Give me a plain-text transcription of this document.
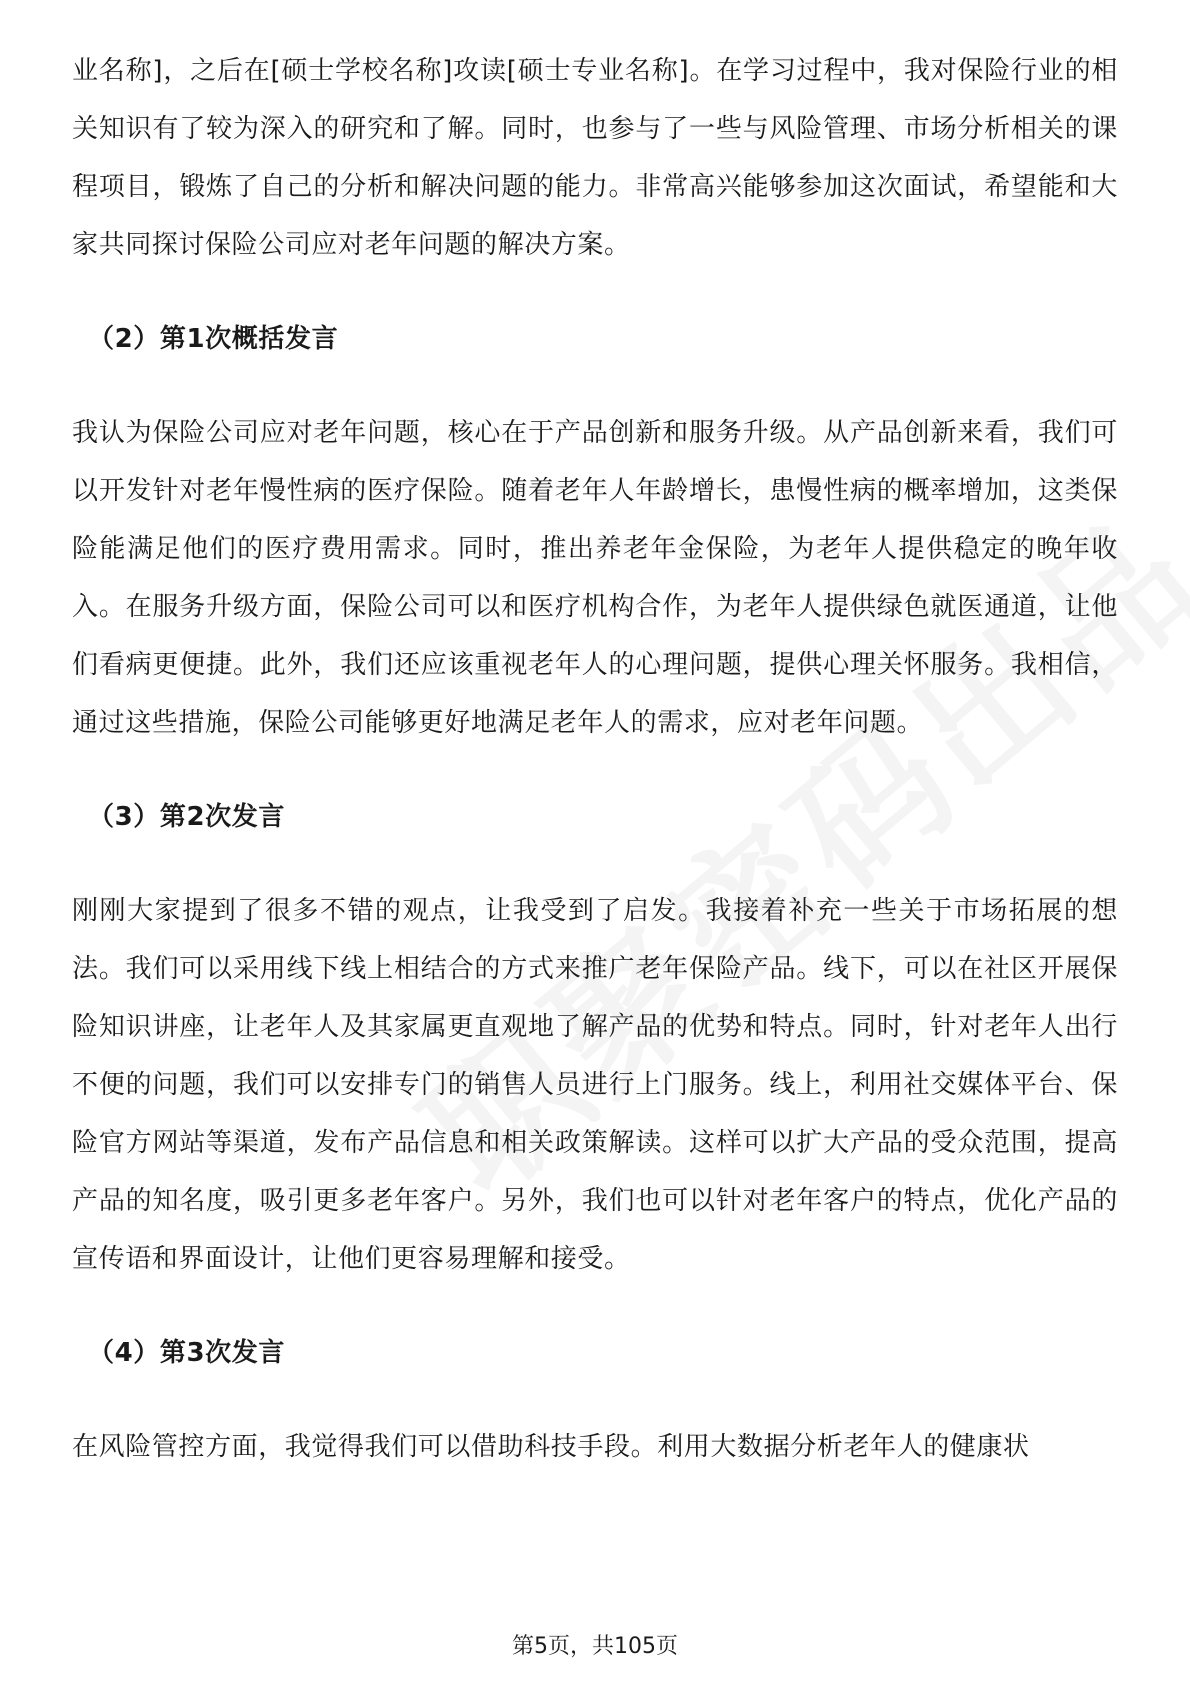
业名称]，之后在[硕士学校名称]攻读[硕士专业名称]。在学习过程中，我对保险行业的相关知识有了较为深入的研究和了解。同时，也参与了一些与风险管理、市场分析相关的课程项目，锻炼了自己的分析和解决问题的能力。非常高兴能够参加这次面试，希望能和大家共同探讨保险公司应对老年问题的解决方案。

（2）第1次概括发言

我认为保险公司应对老年问题，核心在于产品创新和服务升级。从产品创新来看，我们可以开发针对老年慢性病的医疗保险。随着老年人年龄增长，患慢性病的概率增加，这类保险能满足他们的医疗费用需求。同时，推出养老年金保险，为老年人提供稳定的晚年收入。在服务升级方面，保险公司可以和医疗机构合作，为老年人提供绿色就医通道，让他们看病更便捷。此外，我们还应该重视老年人的心理问题，提供心理关怀服务。我相信，通过这些措施，保险公司能够更好地满足老年人的需求，应对老年问题。

（3）第2次发言

刚刚大家提到了很多不错的观点，让我受到了启发。我接着补充一些关于市场拓展的想法。我们可以采用线下线上相结合的方式来推广老年保险产品。线下，可以在社区开展保险知识讲座，让老年人及其家属更直观地了解产品的优势和特点。同时，针对老年人出行不便的问题，我们可以安排专门的销售人员进行上门服务。线上，利用社交媒体平台、保险官方网站等渠道，发布产品信息和相关政策解读。这样可以扩大产品的受众范围，提高产品的知名度，吸引更多老年客户。另外，我们也可以针对老年客户的特点，优化产品的宣传语和界面设计，让他们更容易理解和接受。

（4）第3次发言

在风险管控方面，我觉得我们可以借助科技手段。利用大数据分析老年人的健康状

第5页，共105页
